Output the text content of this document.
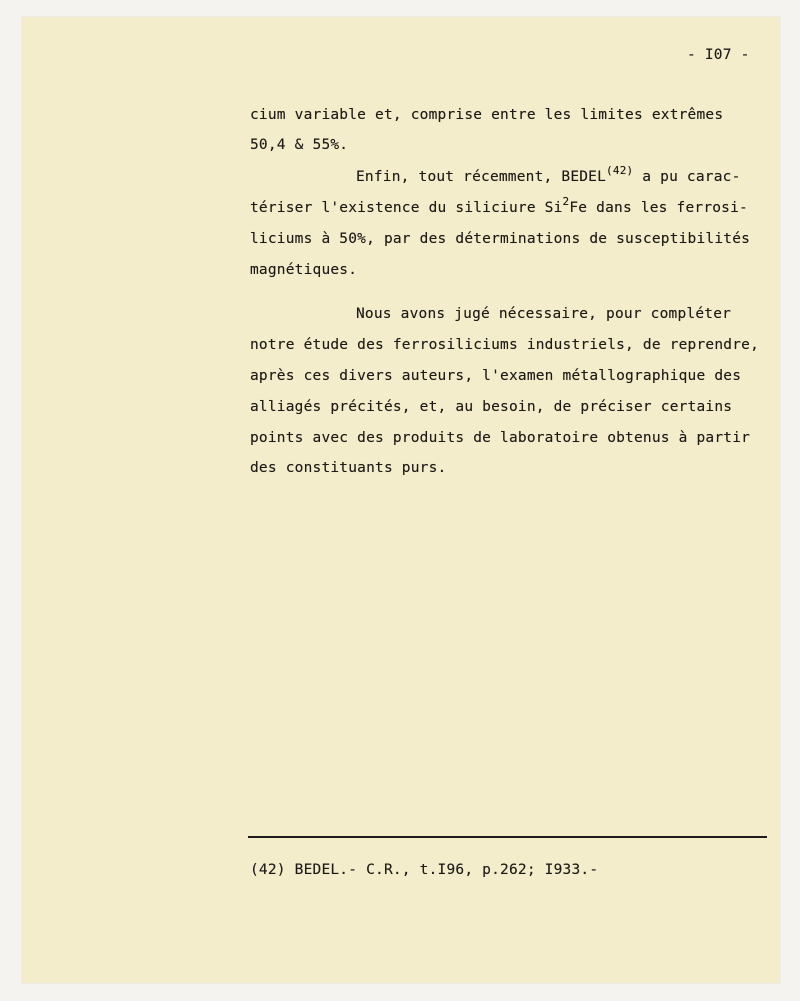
- I07 -
cium variable et, comprise entre les limites extrêmes
50,4 & 55%.
Enfin, tout récemment, BEDEL$^{(42)}$ a pu carac-
tériser l'existence du siliciure Si$^2$Fe dans les ferrosi-
liciums à 50%, par des déterminations de susceptibilités
magnétiques.
Nous avons jugé nécessaire, pour compléter
notre étude des ferrosiliciums industriels, de reprendre,
après ces divers auteurs, l'examen métallographique des
alliagés précités, et, au besoin, de préciser certains
points avec des produits de laboratoire obtenus à partir
des constituants purs.
(42) BEDEL.- C.R., t.I96, p.262; I933.-
